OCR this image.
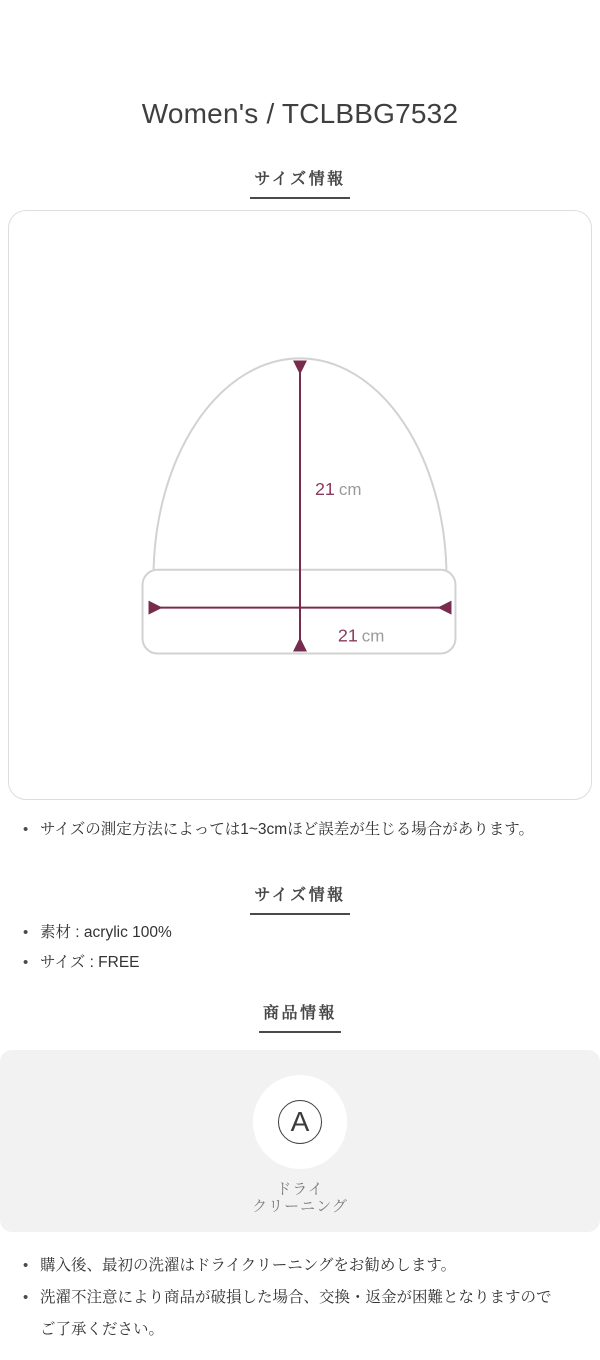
Women's / TCLBBG7532
サイズ情報
21 cm
21 cm
• サイズの測定方法によっては1~3cmほど誤差が生じる場合があります。
サイズ情報
• 素材 : acrylic 100%
• サイズ : FREE
商品情報
A
ドライ
クリーニング
• 購入後、最初の洗濯はドライクリーニングをお勧めします。
• 洗濯不注意により商品が破損した場合、交換・返金が困難となりますのでご了承ください。
